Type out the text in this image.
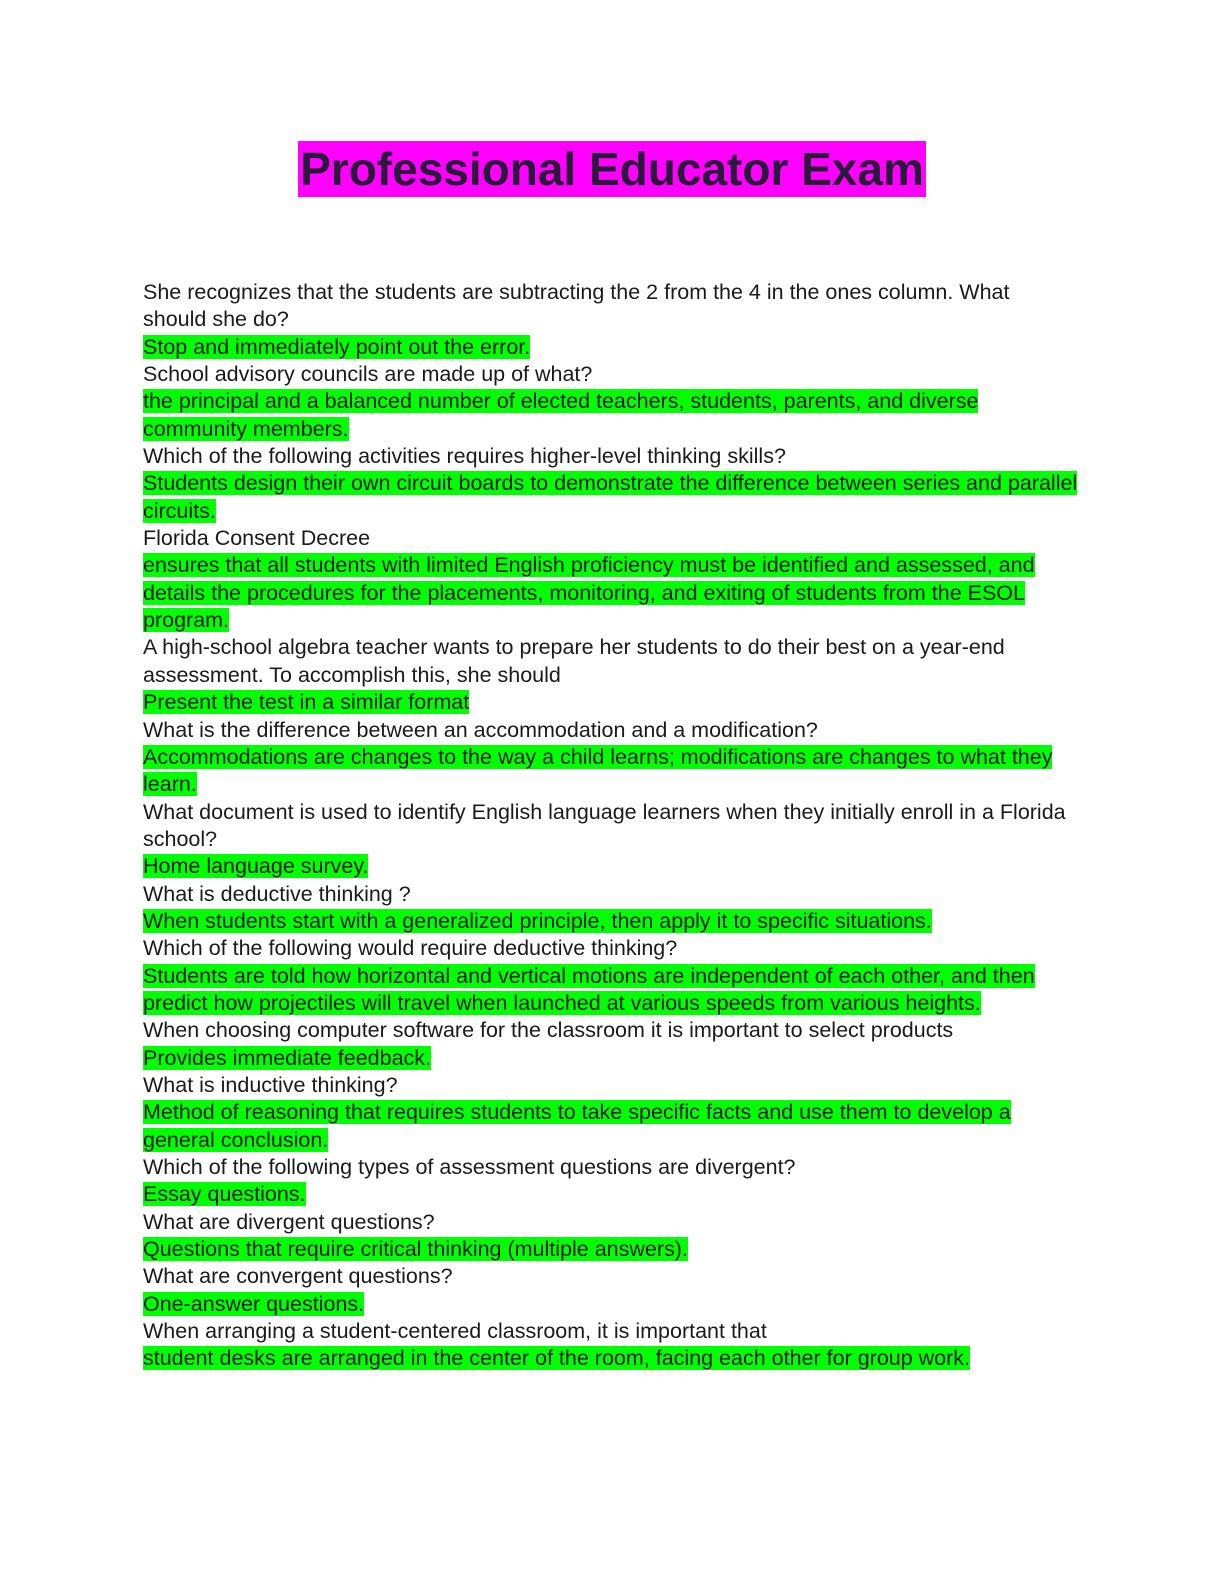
Professional Educator Exam

She recognizes that the students are subtracting the 2 from the 4 in the ones column. What should she do?

Stop and immediately point out the error.

School advisory councils are made up of what?

the principal and a balanced number of elected teachers, students, parents, and diverse community members.

Which of the following activities requires higher-level thinking skills?

Students design their own circuit boards to demonstrate the difference between series and parallel circuits.

Florida Consent Decree

ensures that all students with limited English proficiency must be identified and assessed, and details the procedures for the placements, monitoring, and exiting of students from the ESOL program.

A high-school algebra teacher wants to prepare her students to do their best on a year-end assessment. To accomplish this, she should

Present the test in a similar format

What is the difference between an accommodation and a modification?

Accommodations are changes to the way a child learns; modifications are changes to what they learn.

What document is used to identify English language learners when they initially enroll in a Florida school?

Home language survey.

What is deductive thinking ?

When students start with a generalized principle, then apply it to specific situations.

Which of the following would require deductive thinking?

Students are told how horizontal and vertical motions are independent of each other, and then predict how projectiles will travel when launched at various speeds from various heights.

When choosing computer software for the classroom it is important to select products

Provides immediate feedback.

What is inductive thinking?

Method of reasoning that requires students to take specific facts and use them to develop a general conclusion.

Which of the following types of assessment questions are divergent?

Essay questions.

What are divergent questions?

Questions that require critical thinking (multiple answers).

What are convergent questions?

One-answer questions.

When arranging a student-centered classroom, it is important that

student desks are arranged in the center of the room, facing each other for group work.
